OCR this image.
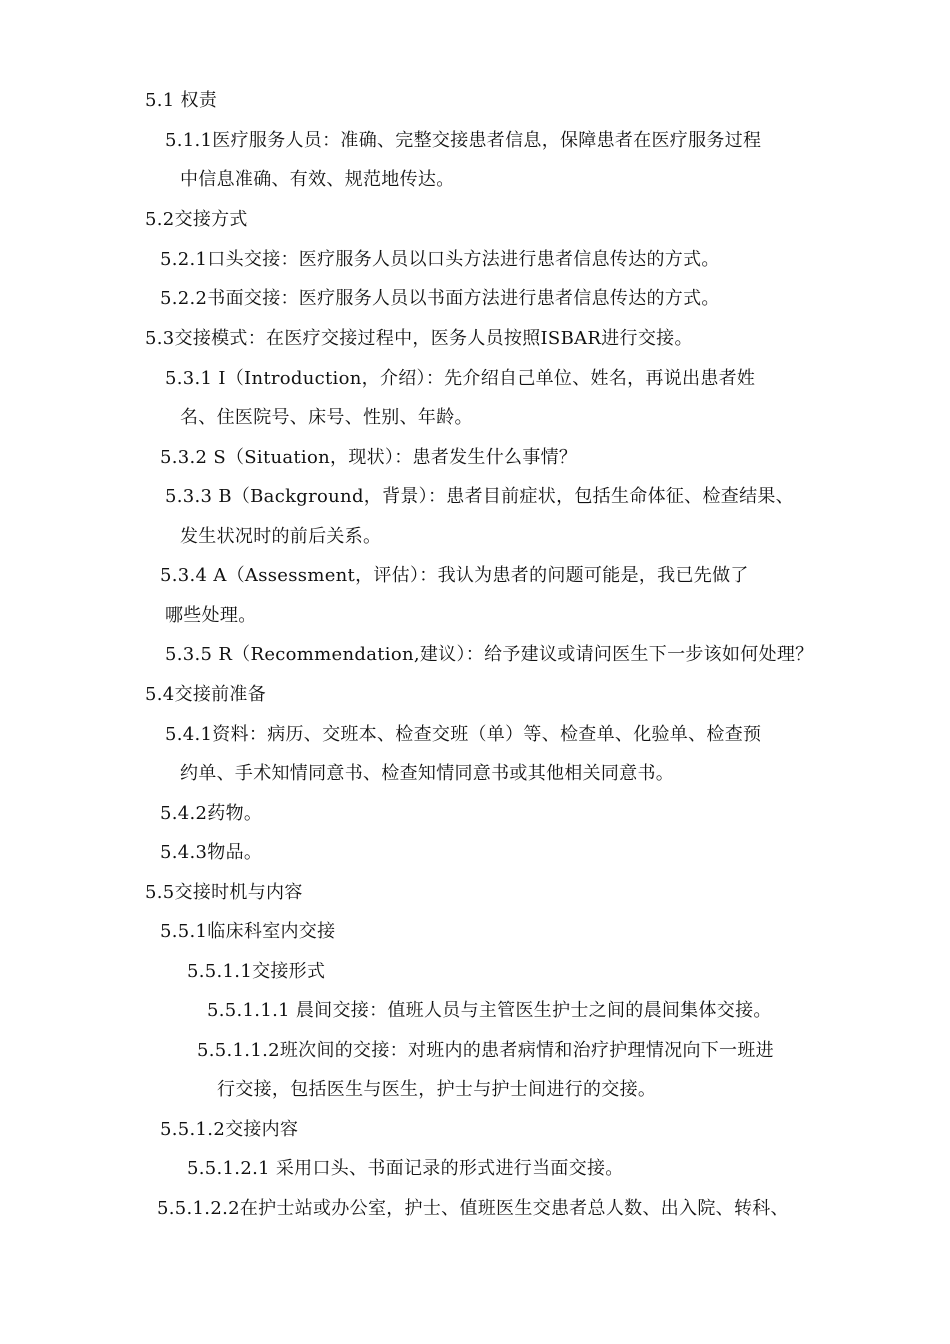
5.1 权责
5.1.1医疗服务人员：准确、完整交接患者信息，保障患者在医疗服务过程
中信息准确、有效、规范地传达。
5.2交接方式
5.2.1口头交接：医疗服务人员以口头方法进行患者信息传达的方式。
5.2.2书面交接：医疗服务人员以书面方法进行患者信息传达的方式。
5.3交接模式：在医疗交接过程中，医务人员按照ISBAR进行交接。
5.3.1 I（Introduction，介绍）：先介绍自己单位、姓名，再说出患者姓
名、住医院号、床号、性别、年龄。
5.3.2 S（Situation，现状）：患者发生什么事情？
5.3.3 B（Background，背景）：患者目前症状，包括生命体征、检查结果、
发生状况时的前后关系。
5.3.4 A（Assessment，评估）：我认为患者的问题可能是，我已先做了
哪些处理。
5.3.5 R（Recommendation,建议）：给予建议或请问医生下一步该如何处理？
5.4交接前准备
5.4.1资料：病历、交班本、检查交班（单）等、检查单、化验单、检查预
约单、手术知情同意书、检查知情同意书或其他相关同意书。
5.4.2药物。
5.4.3物品。
5.5交接时机与内容
5.5.1临床科室内交接
5.5.1.1交接形式
5.5.1.1.1 晨间交接：值班人员与主管医生护士之间的晨间集体交接。
5.5.1.1.2班次间的交接：对班内的患者病情和治疗护理情况向下一班进
行交接，包括医生与医生，护士与护士间进行的交接。
5.5.1.2交接内容
5.5.1.2.1 采用口头、书面记录的形式进行当面交接。
5.5.1.2.2在护士站或办公室，护士、值班医生交患者总人数、出入院、转科、
